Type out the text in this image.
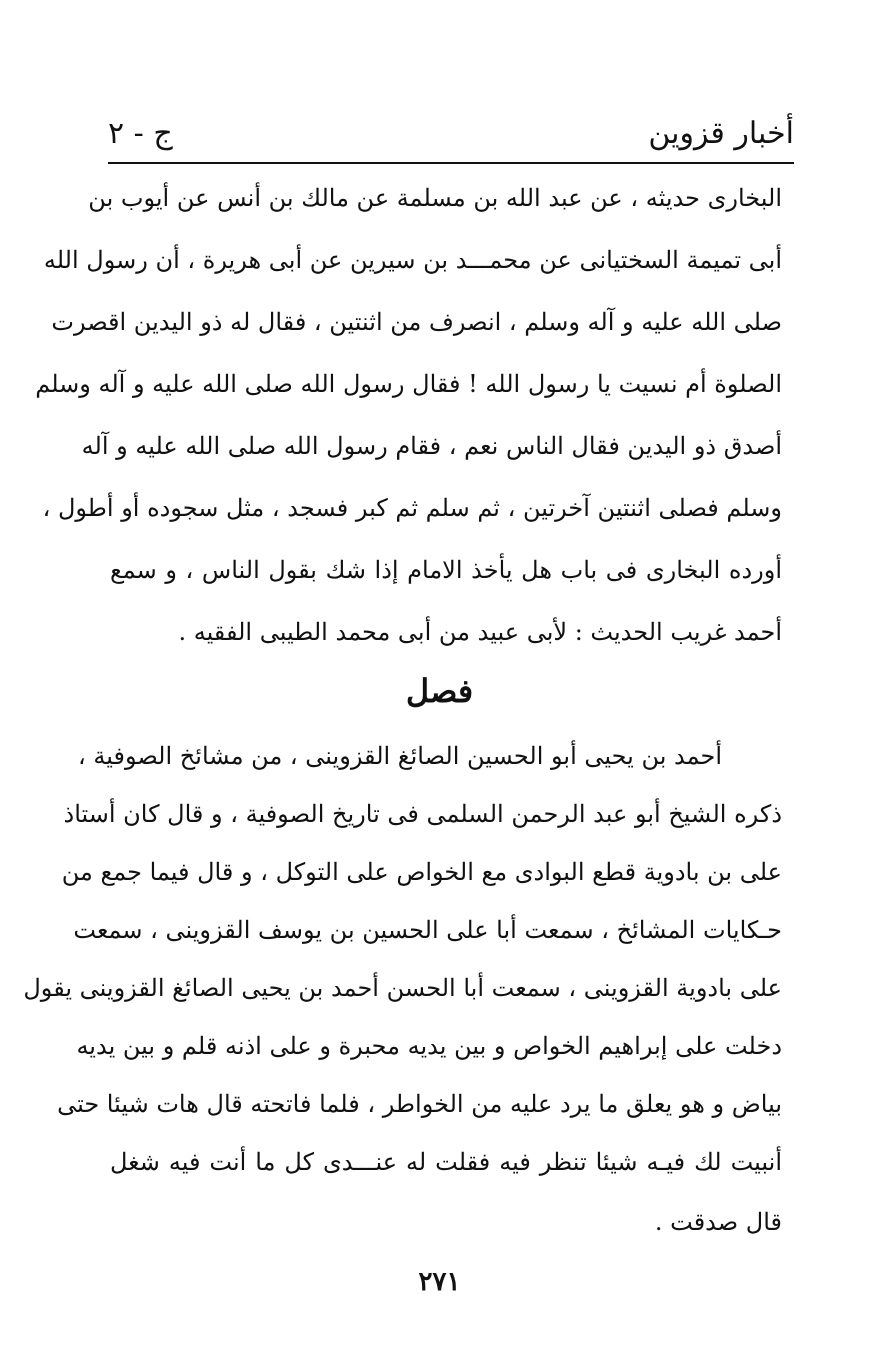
أخبار قزوين
ج - ٢
البخارى حديثه ، عن عبد الله بن مسلمة عن مالك بن أنس عن أيوب بن
أبى تميمة السختيانى عن محمـــد بن سيرين عن أبى هريرة ، أن رسول الله
صلى الله عليه و آله وسلم ، انصرف من اثنتين ، فقال له ذو اليدين اقصرت
الصلوة أم نسيت يا رسول الله ! فقال رسول الله صلى الله عليه و آله وسلم
أصدق ذو اليدين فقال الناس نعم ، فقام رسول الله صلى الله عليه و آله
وسلم فصلى اثنتين آخرتين ، ثم سلم ثم كبر فسجد ، مثل سجوده أو أطول ،
أورده البخارى فى باب هل يأخذ الامام إذا شك بقول الناس ، و سمع
أحمد غريب الحديث : لأبى عبيد من أبى محمد الطيبى الفقيه .
فصل
أحمد بن يحيى أبو الحسين الصائغ القزوينى ، من مشائخ الصوفية ،
ذكره الشيخ أبو عبد الرحمن السلمى فى تاريخ الصوفية ، و قال كان أستاذ
على بن بادوية قطع البوادى مع الخواص على التوكل ، و قال فيما جمع من
حـكايات المشائخ ، سمعت أبا على الحسين بن يوسف القزوينى ، سمعت
على بادوية القزوينى ، سمعت أبا الحسن أحمد بن يحيى الصائغ القزوينى يقول
دخلت على إبراهيم الخواص و بين يديه محبرة و على اذنه قلم و بين يديه
بياض و هو يعلق ما يرد عليه من الخواطر ، فلما فاتحته قال هات شيئا حتى
أنبيت لك فيـه شيئا تنظر فيه فقلت له عنـــدى كل ما أنت فيه شغل
قال صدقت .
٢٧١
